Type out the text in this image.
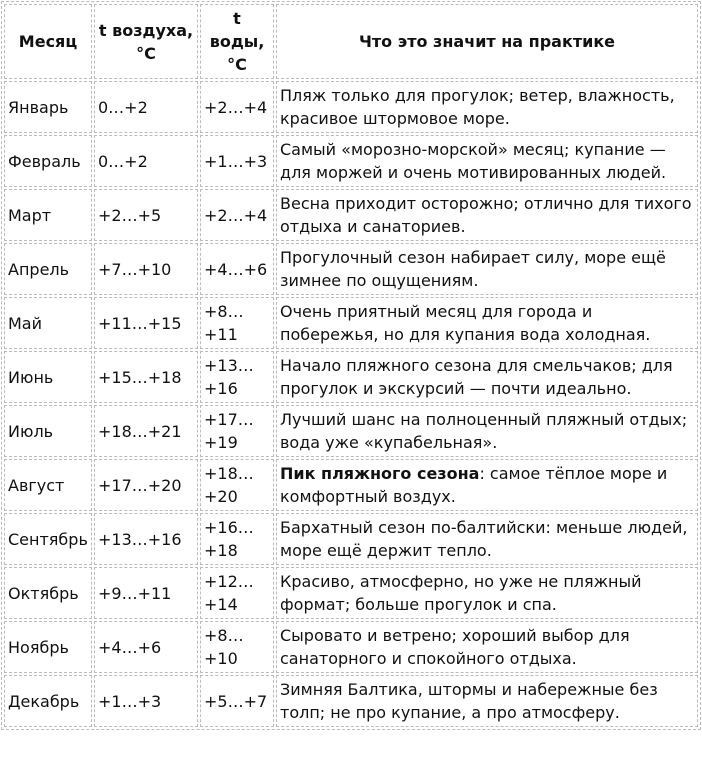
Месяц	t воздуха, °C	t воды, °C	Что это значит на практике
Январь	0…+2	+2…+4	Пляж только для прогулок; ветер, влажность, красивое штормовое море.
Февраль	0…+2	+1…+3	Самый «морозно-морской» месяц; купание — для моржей и очень мотивированных людей.
Март	+2…+5	+2…+4	Весна приходит осторожно; отлично для тихого отдыха и санаториев.
Апрель	+7…+10	+4…+6	Прогулочный сезон набирает силу, море ещё зимнее по ощущениям.
Май	+11…+15	+8…+11	Очень приятный месяц для города и побережья, но для купания вода холодная.
Июнь	+15…+18	+13…+16	Начало пляжного сезона для смельчаков; для прогулок и экскурсий — почти идеально.
Июль	+18…+21	+17…+19	Лучший шанс на полноценный пляжный отдых; вода уже «купабельная».
Август	+17…+20	+18…+20	Пик пляжного сезона: самое тёплое море и комфортный воздух.
Сентябрь	+13…+16	+16…+18	Бархатный сезон по-балтийски: меньше людей, море ещё держит тепло.
Октябрь	+9…+11	+12…+14	Красиво, атмосферно, но уже не пляжный формат; больше прогулок и спа.
Ноябрь	+4…+6	+8…+10	Сыровато и ветрено; хороший выбор для санаторного и спокойного отдыха.
Декабрь	+1…+3	+5…+7	Зимняя Балтика, штормы и набережные без толп; не про купание, а про атмосферу.
